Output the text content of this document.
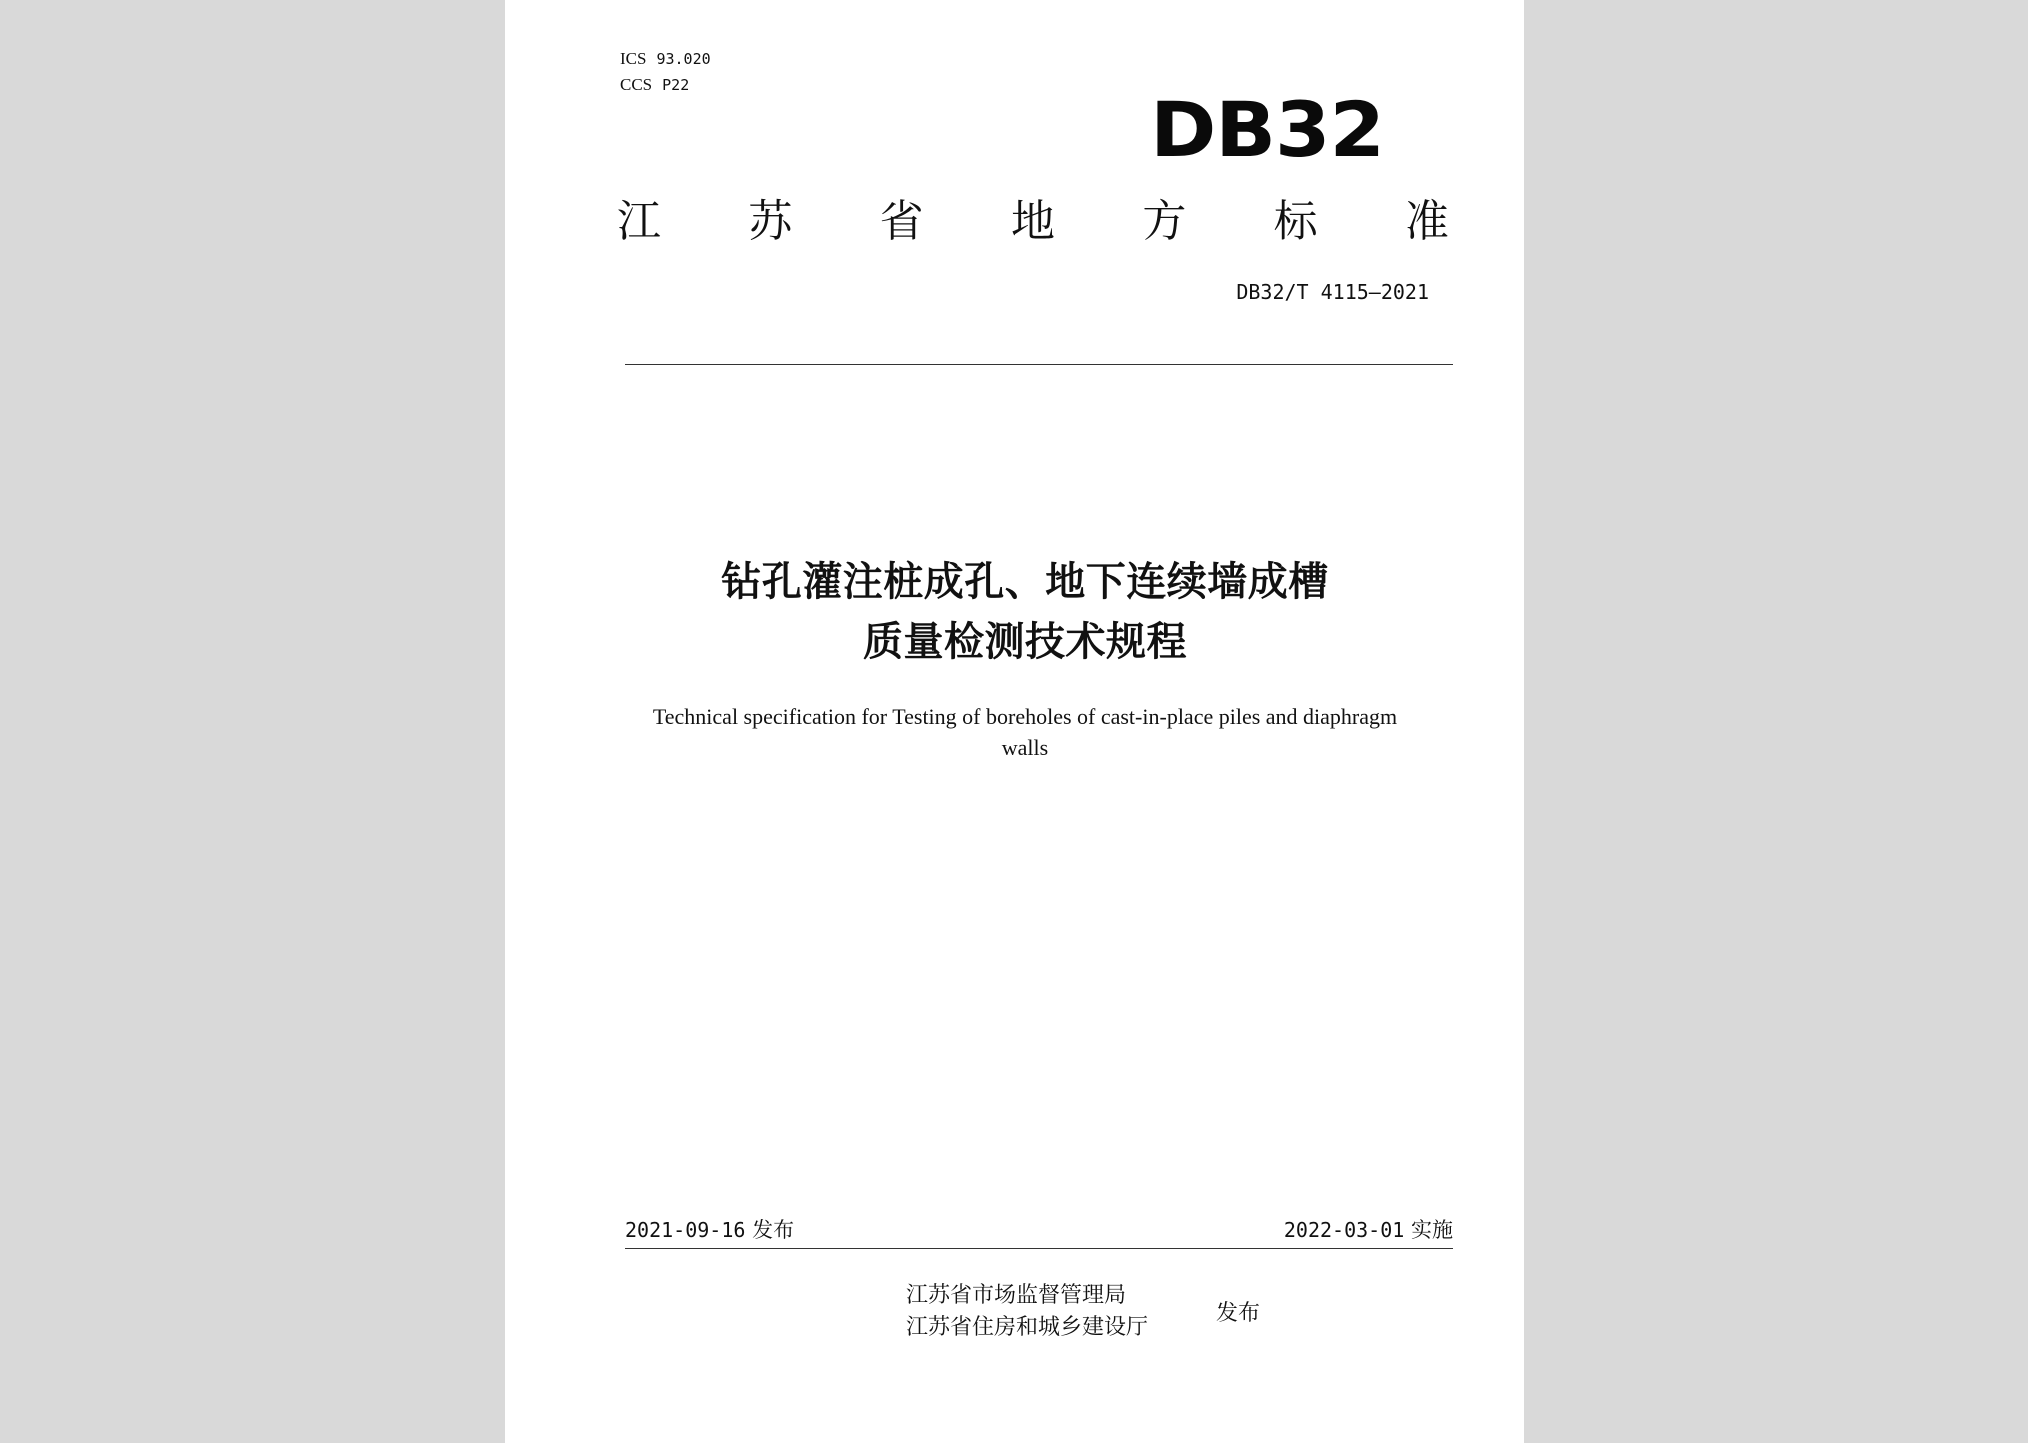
ICS 93.020
CCS P22	DB32
江 苏 省 地 方 标 准
DB32/T 4115—2021
钻孔灌注桩成孔、地下连续墙成槽
质量检测技术规程
Technical specification for Testing of boreholes of cast-in-place piles and diaphragm
walls
2021-09-16 发布	2022-03-01 实施
江苏省市场监督管理局
江苏省住房和城乡建设厅
发布
